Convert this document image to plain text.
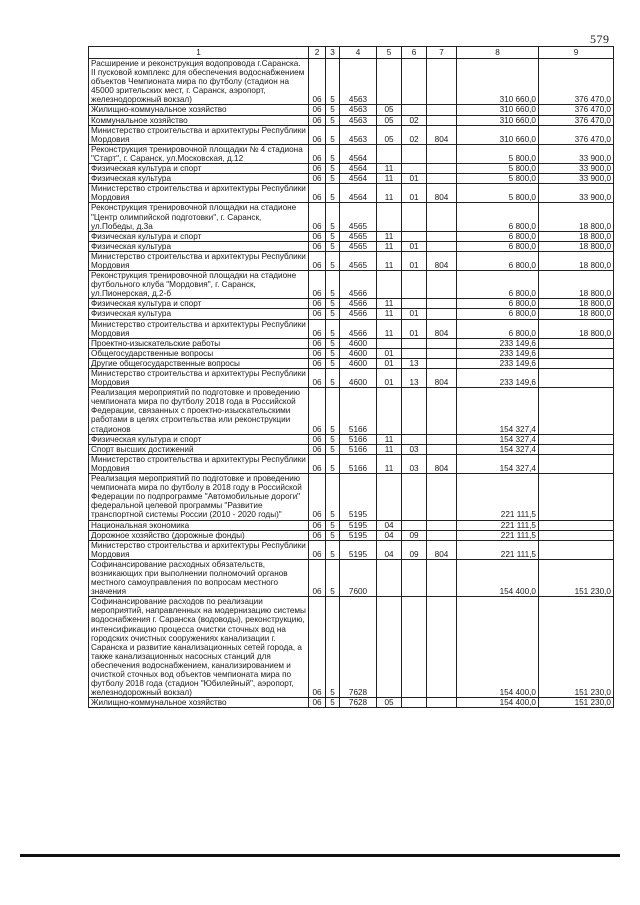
579
1	2	3	4	5	6	7	8	9
Расширение и реконструкция водопровода г.Саранска. II пусковой комплекс для обеспечения водоснабжением объектов Чемпионата мира по футболу (стадион на 45000 зрительских мест, г. Саранск, аэропорт, железнодорожный вокзал)	06	5	4563				310 660,0	376 470,0
Жилищно-коммунальное хозяйство	06	5	4563	05			310 660,0	376 470,0
Коммунальное хозяйство	06	5	4563	05	02		310 660,0	376 470,0
Министерство строительства и архитектуры Республики Мордовия	06	5	4563	05	02	804	310 660,0	376 470,0
Реконструкция тренировочной площадки № 4 стадиона "Старт", г. Саранск, ул.Московская, д.12	06	5	4564				5 800,0	33 900,0
Физическая культура и спорт	06	5	4564	11			5 800,0	33 900,0
Физическая культура	06	5	4564	11	01		5 800,0	33 900,0
Министерство строительства и архитектуры Республики Мордовия	06	5	4564	11	01	804	5 800,0	33 900,0
Реконструкция тренировочной площадки на стадионе "Центр олимпийской подготовки", г. Саранск, ул.Победы, д.3а	06	5	4565				6 800,0	18 800,0
Физическая культура и спорт	06	5	4565	11			6 800,0	18 800,0
Физическая культура	06	5	4565	11	01		6 800,0	18 800,0
Министерство строительства и архитектуры Республики Мордовия	06	5	4565	11	01	804	6 800,0	18 800,0
Реконструкция тренировочной площадки на стадионе футбольного клуба "Мордовия", г. Саранск, ул.Пионерская, д.2-б	06	5	4566				6 800,0	18 800,0
Физическая культура и спорт	06	5	4566	11			6 800,0	18 800,0
Физическая культура	06	5	4566	11	01		6 800,0	18 800,0
Министерство строительства и архитектуры Республики Мордовия	06	5	4566	11	01	804	6 800,0	18 800,0
Проектно-изыскательские работы	06	5	4600				233 149,6	
Общегосударственные вопросы	06	5	4600	01			233 149,6	
Другие общегосударственные вопросы	06	5	4600	01	13		233 149,6	
Министерство строительства и архитектуры Республики Мордовия	06	5	4600	01	13	804	233 149,6	
Реализация мероприятий по подготовке и проведению чемпионата мира по футболу 2018 года в Российской Федерации, связанных с проектно-изыскательскими работами в целях строительства или реконструкции стадионов	06	5	5166				154 327,4	
Физическая культура и спорт	06	5	5166	11			154 327,4	
Спорт высших достижений	06	5	5166	11	03		154 327,4	
Министерство строительства и архитектуры Республики Мордовия	06	5	5166	11	03	804	154 327,4	
Реализация мероприятий по подготовке и проведению чемпионата мира по футболу в 2018 году в Российской Федерации по подпрограмме "Автомобильные дороги" федеральной целевой программы "Развитие транспортной системы России (2010 - 2020 годы)"	06	5	5195				221 111,5	
Национальная экономика	06	5	5195	04			221 111,5	
Дорожное хозяйство (дорожные фонды)	06	5	5195	04	09		221 111,5	
Министерство строительства и архитектуры Республики Мордовия	06	5	5195	04	09	804	221 111,5	
Софинансирование расходных обязательств, возникающих при выполнении полномочий органов местного самоуправления по вопросам местного значения	06	5	7600				154 400,0	151 230,0
Софинансирование расходов по реализации мероприятий, направленных на модернизацию системы водоснабжения г. Саранска (водоводы), реконструкцию, интенсификацию процесса очистки сточных вод на городских очистных сооружениях канализации г. Саранска и развитие канализационных сетей города, а также канализационных насосных станций для обеспечения водоснабжением, канализированием и очисткой сточных вод объектов чемпионата мира по футболу 2018 года (стадион "Юбилейный", аэропорт, железнодорожный вокзал)	06	5	7628				154 400,0	151 230,0
Жилищно-коммунальное хозяйство	06	5	7628	05			154 400,0	151 230,0
